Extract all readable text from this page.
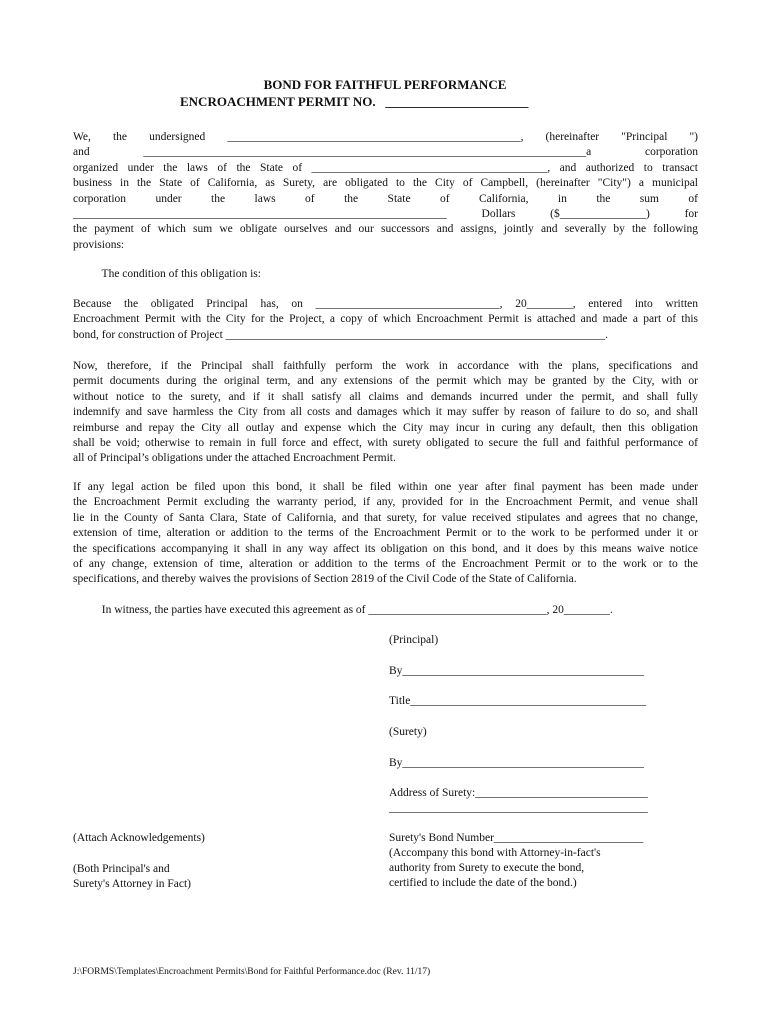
BOND FOR FAITHFUL PERFORMANCE
ENCROACHMENT PERMIT NO.   ______________________
We, the undersigned ___________________________________________________, (hereinafter "Principal ")
and _____________________________________________________________________________a corporation
organized under the laws of the State of _________________________________________, and authorized to transact
business in the State of California, as Surety, are obligated to the City of Campbell, (hereinafter "City") a municipal
corporation under the laws of the State of California, in the sum of
_________________________________________________________________ Dollars ($_______________) for
the payment of which sum we obligate ourselves and our successors and assigns, jointly and severally by the following
provisions:
The condition of this obligation is:
Because the obligated Principal has, on ________________________________, 20________, entered into written
Encroachment Permit with the City for the Project, a copy of which Encroachment Permit is attached and made a part of this
bond, for construction of Project __________________________________________________________________.
Now, therefore, if the Principal shall faithfully perform the work in accordance with the plans, specifications and
permit documents during the original term, and any extensions of the permit which may be granted by the City, with or
without notice to the surety, and if it shall satisfy all claims and demands incurred under the permit, and shall fully
indemnify and save harmless the City from all costs and damages which it may suffer by reason of failure to do so, and shall
reimburse and repay the City all outlay and expense which the City may incur in curing any default, then this obligation
shall be void; otherwise to remain in full force and effect, with surety obligated to secure the full and faithful performance of
all of Principal’s obligations under the attached Encroachment Permit.
If any legal action be filed upon this bond, it shall be filed within one year after final payment has been made under
the Encroachment Permit excluding the warranty period, if any, provided for in the Encroachment Permit, and venue shall
lie in the County of Santa Clara, State of California, and that surety, for value received stipulates and agrees that no change,
extension of time, alteration or addition to the terms of the Encroachment Permit or to the work to be performed under it or
the specifications accompanying it shall in any way affect its obligation on this bond, and it does by this means waive notice
of any change, extension of time, alteration or addition to the terms of the Encroachment Permit or to the work or to the
specifications, and thereby waives the provisions of Section 2819 of the Civil Code of the State of California.
In witness, the parties have executed this agreement as of _______________________________, 20________.
(Principal)
By__________________________________________
Title_________________________________________
(Surety)
By__________________________________________
Address of Surety:______________________________
_____________________________________________
(Attach Acknowledgements)
(Both Principal's and
Surety's Attorney in Fact)
Surety's Bond Number__________________________
(Accompany this bond with Attorney-in-fact's
authority from Surety to execute the bond,
certified to include the date of the bond.)
J:\FORMS\Templates\Encroachment Permits\Bond for Faithful Performance.doc (Rev. 11/17)
